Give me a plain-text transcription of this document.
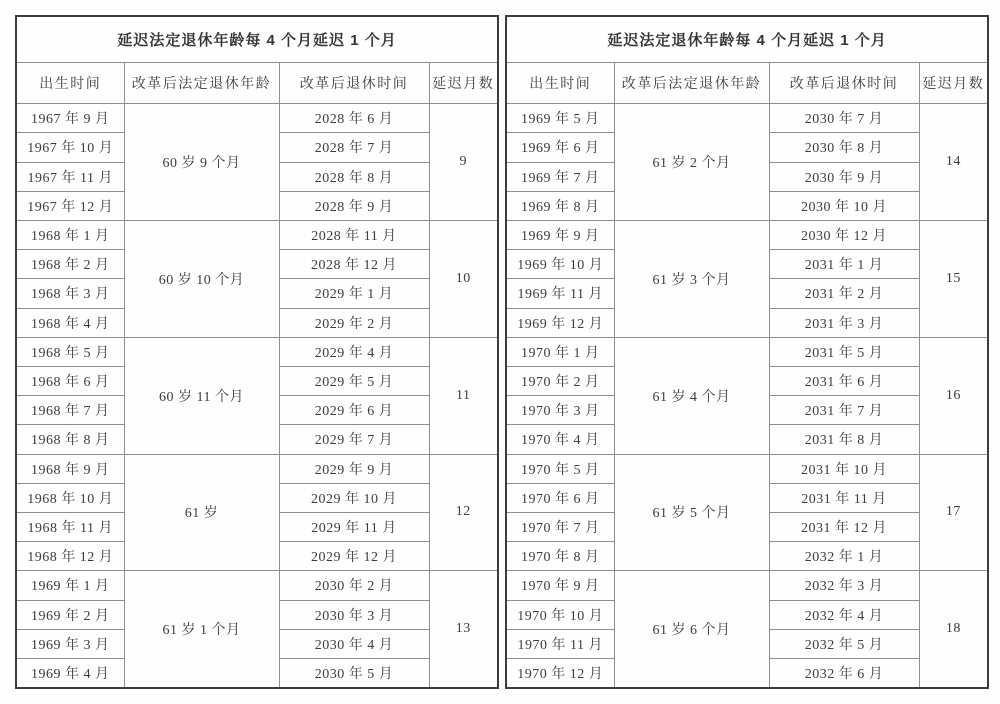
延迟法定退休年龄每 4 个月延迟 1 个月			
出生时间	改革后法定退休年龄	改革后退休时间	延迟月数
1967 年 9 月	60 岁 9 个月	2028 年 6 月	9
1967 年 10 月		2028 年 7 月	
1967 年 11 月		2028 年 8 月	
1967 年 12 月		2028 年 9 月	
1968 年 1 月	60 岁 10 个月	2028 年 11 月	10
1968 年 2 月		2028 年 12 月	
1968 年 3 月		2029 年 1 月	
1968 年 4 月		2029 年 2 月	
1968 年 5 月	60 岁 11 个月	2029 年 4 月	11
1968 年 6 月		2029 年 5 月	
1968 年 7 月		2029 年 6 月	
1968 年 8 月		2029 年 7 月	
1968 年 9 月	61 岁	2029 年 9 月	12
1968 年 10 月		2029 年 10 月	
1968 年 11 月		2029 年 11 月	
1968 年 12 月		2029 年 12 月	
1969 年 1 月	61 岁 1 个月	2030 年 2 月	13
1969 年 2 月		2030 年 3 月	
1969 年 3 月		2030 年 4 月	
1969 年 4 月		2030 年 5 月	
延迟法定退休年龄每 4 个月延迟 1 个月			
出生时间	改革后法定退休年龄	改革后退休时间	延迟月数
1969 年 5 月	61 岁 2 个月	2030 年 7 月	14
1969 年 6 月		2030 年 8 月	
1969 年 7 月		2030 年 9 月	
1969 年 8 月		2030 年 10 月	
1969 年 9 月	61 岁 3 个月	2030 年 12 月	15
1969 年 10 月		2031 年 1 月	
1969 年 11 月		2031 年 2 月	
1969 年 12 月		2031 年 3 月	
1970 年 1 月	61 岁 4 个月	2031 年 5 月	16
1970 年 2 月		2031 年 6 月	
1970 年 3 月		2031 年 7 月	
1970 年 4 月		2031 年 8 月	
1970 年 5 月	61 岁 5 个月	2031 年 10 月	17
1970 年 6 月		2031 年 11 月	
1970 年 7 月		2031 年 12 月	
1970 年 8 月		2032 年 1 月	
1970 年 9 月	61 岁 6 个月	2032 年 3 月	18
1970 年 10 月		2032 年 4 月	
1970 年 11 月		2032 年 5 月	
1970 年 12 月		2032 年 6 月	
